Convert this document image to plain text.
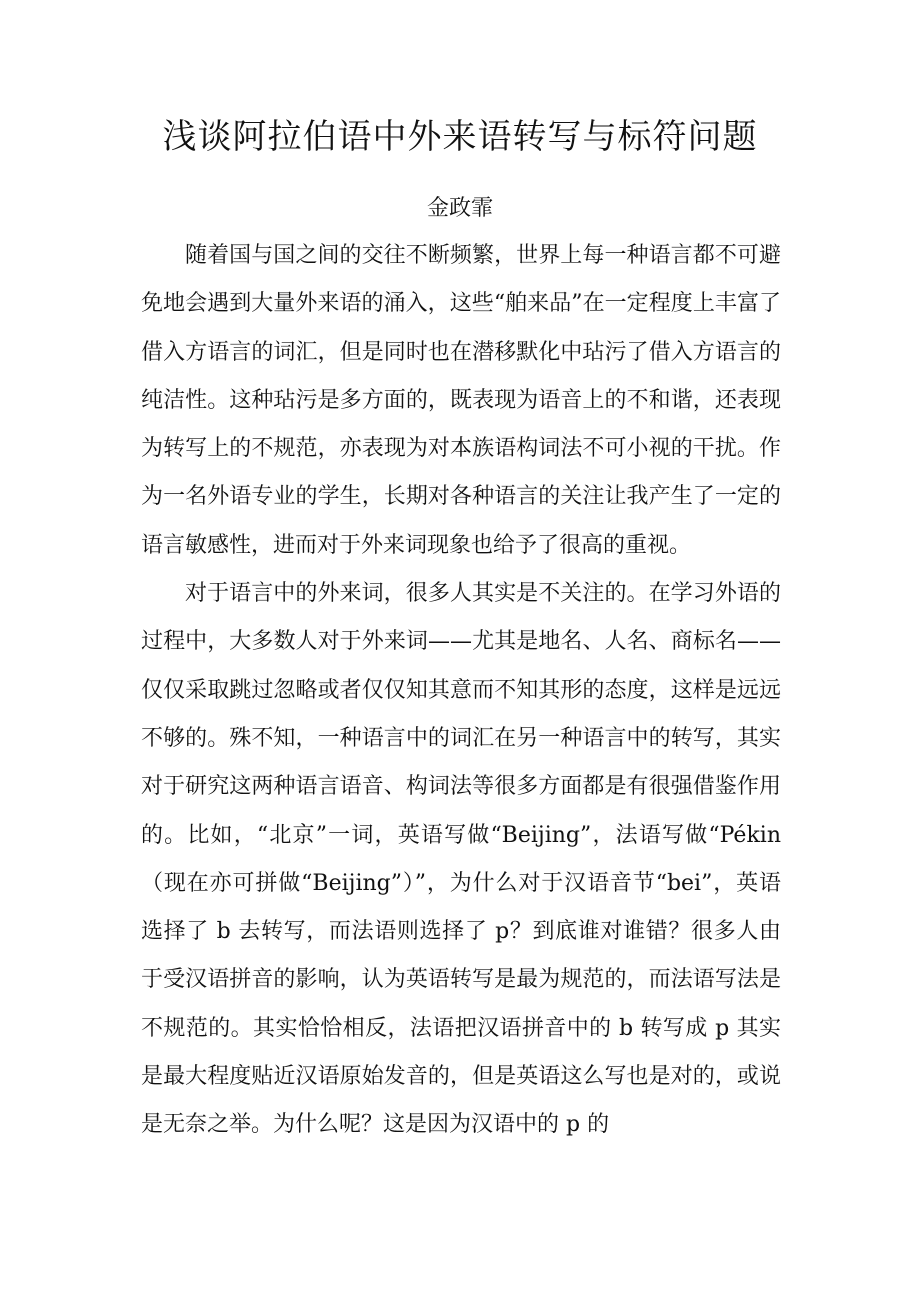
浅谈阿拉伯语中外来语转写与标符问题

金政霏

随着国与国之间的交往不断频繁，世界上每一种语言都不可避免地会遇到大量外来语的涌入，这些“舶来品”在一定程度上丰富了借入方语言的词汇，但是同时也在潜移默化中玷污了借入方语言的纯洁性。这种玷污是多方面的，既表现为语音上的不和谐，还表现为转写上的不规范，亦表现为对本族语构词法不可小视的干扰。作为一名外语专业的学生，长期对各种语言的关注让我产生了一定的语言敏感性，进而对于外来词现象也给予了很高的重视。

对于语言中的外来词，很多人其实是不关注的。在学习外语的过程中，大多数人对于外来词——尤其是地名、人名、商标名——仅仅采取跳过忽略或者仅仅知其意而不知其形的态度，这样是远远不够的。殊不知，一种语言中的词汇在另一种语言中的转写，其实对于研究这两种语言语音、构词法等很多方面都是有很强借鉴作用的。比如，“北京”一词，英语写做“Beijing”，法语写做“Pékin（现在亦可拼做“Beijing”）”，为什么对于汉语音节“bei”，英语选择了 b 去转写，而法语则选择了 p？到底谁对谁错？很多人由于受汉语拼音的影响，认为英语转写是最为规范的，而法语写法是不规范的。其实恰恰相反，法语把汉语拼音中的 b 转写成 p 其实是最大程度贴近汉语原始发音的，但是英语这么写也是对的，或说是无奈之举。为什么呢？这是因为汉语中的 p 的
